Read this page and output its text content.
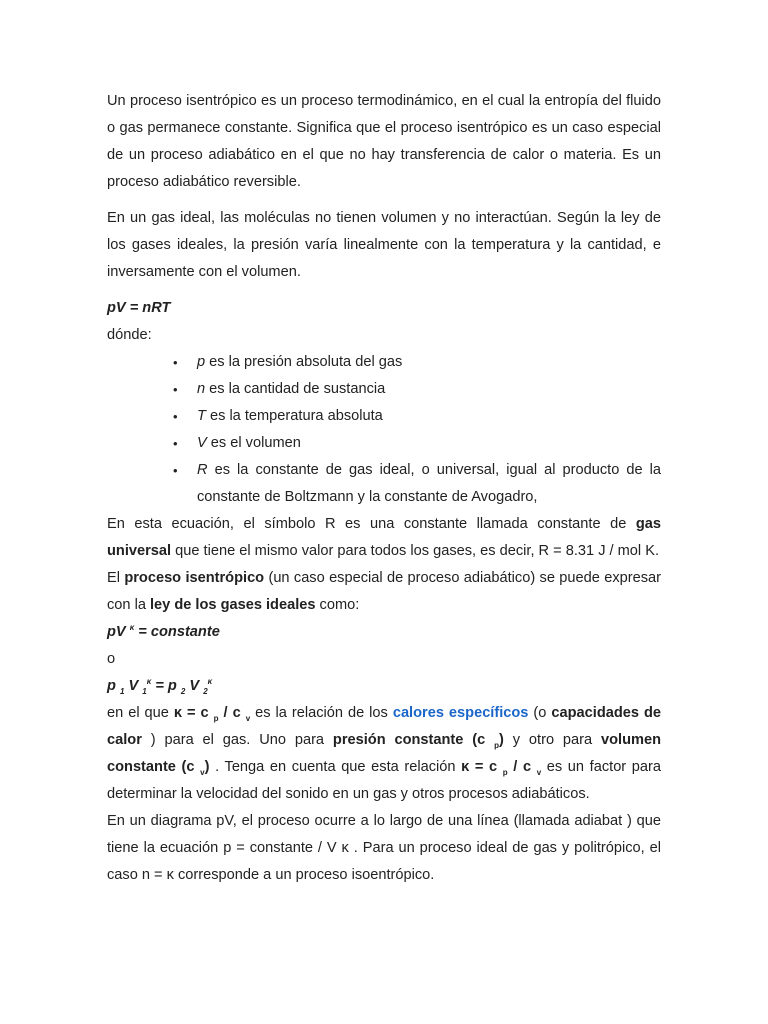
Un proceso isentrópico es un proceso termodinámico, en el cual la entropía del fluido o gas permanece constante. Significa que el proceso isentrópico es un caso especial de un proceso adiabático en el que no hay transferencia de calor o materia. Es un proceso adiabático reversible.

En un gas ideal, las moléculas no tienen volumen y no interactúan. Según la ley de los gases ideales, la presión varía linealmente con la temperatura y la cantidad, e inversamente con el volumen.

pV = nRT

dónde:

• p es la presión absoluta del gas
• n es la cantidad de sustancia
• T es la temperatura absoluta
• V es el volumen
• R es la constante de gas ideal, o universal, igual al producto de la constante de Boltzmann y la constante de Avogadro,

En esta ecuación, el símbolo R es una constante llamada constante de gas universal que tiene el mismo valor para todos los gases, es decir, R = 8.31 J / mol K.

El proceso isentrópico (un caso especial de proceso adiabático) se puede expresar con la ley de los gases ideales como:

pV $^\kappa$ = constante

o

p $_1$ V $_1^\kappa$ = p $_2$ V $_2^\kappa$

en el que κ = c $_p$ / c $_v$ es la relación de los calores específicos (o capacidades de calor ) para el gas. Uno para presión constante (c $_p$) y otro para volumen constante (c $_v$) . Tenga en cuenta que esta relación κ = c $_p$ / c $_v$ es un factor para determinar la velocidad del sonido en un gas y otros procesos adiabáticos.

En un diagrama pV, el proceso ocurre a lo largo de una línea (llamada adiabat ) que tiene la ecuación p = constante / V κ . Para un proceso ideal de gas y politrópico, el caso n = κ corresponde a un proceso isoentrópico.
